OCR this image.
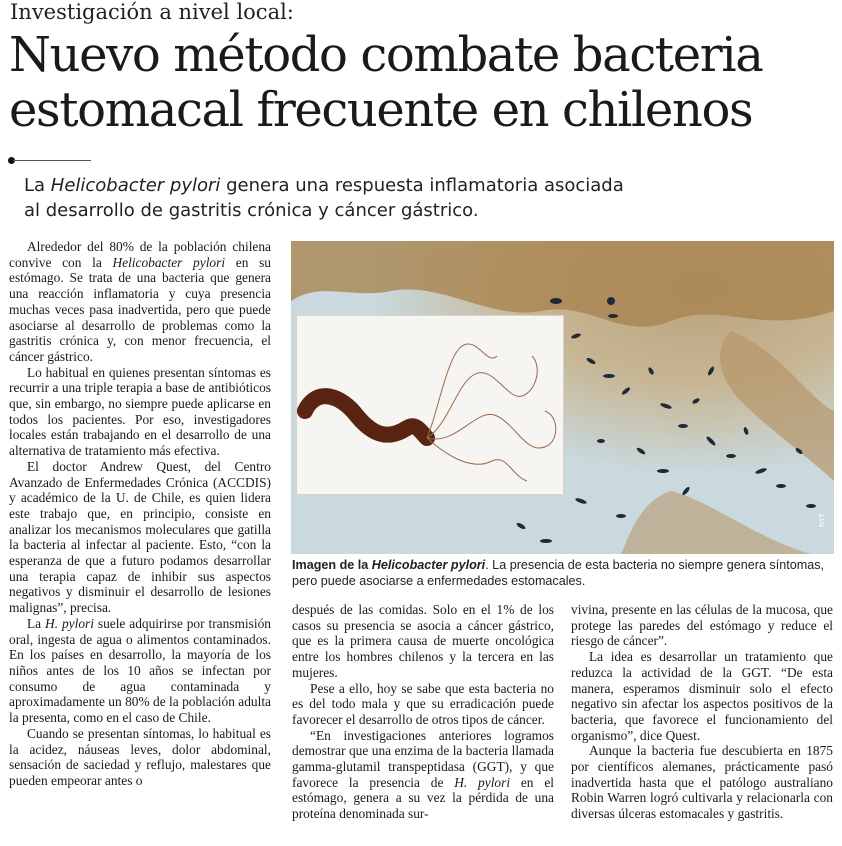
Investigación a nivel local:
Nuevo método combate bacteria
estomacal frecuente en chilenos
La Helicobacter pylori genera una respuesta inflamatoria asociada
al desarrollo de gastritis crónica y cáncer gástrico.

Alrededor del 80% de la población chilena convive con la Helicobacter pylori en su estómago. Se trata de una bacteria que genera una reacción inflamatoria y cuya presencia muchas veces pasa inadvertida, pero que puede asociarse al desarrollo de problemas como la gastritis crónica y, con menor frecuencia, el cáncer gástrico.

Lo habitual en quienes presentan síntomas es recurrir a una triple terapia a base de antibióticos que, sin embargo, no siempre puede aplicarse en todos los pacientes. Por eso, investigadores locales están trabajando en el desarrollo de una alternativa de tratamiento más efectiva.

El doctor Andrew Quest, del Centro Avanzado de Enfermedades Crónica (ACCDIS) y académico de la U. de Chile, es quien lidera este trabajo que, en principio, consiste en analizar los mecanismos moleculares que gatilla la bacteria al infectar al paciente. Esto, “con la esperanza de que a futuro podamos desarrollar una terapia capaz de inhibir sus aspectos negativos y disminuir el desarrollo de lesiones malignas”, precisa.

La H. pylori suele adquirirse por transmisión oral, ingesta de agua o alimentos contaminados. En los países en desarrollo, la mayoría de los niños antes de los 10 años se infectan por consumo de agua contaminada y aproximadamente un 80% de la población adulta la presenta, como en el caso de Chile.

Cuando se presentan síntomas, lo habitual es la acidez, náuseas leves, dolor abdominal, sensación de saciedad y reflujo, malestares que pueden empeorar antes o

NYT
Imagen de la Helicobacter pylori. La presencia de esta bacteria no siempre genera síntomas,
pero puede asociarse a enfermedades estomacales.

después de las comidas. Solo en el 1% de los casos su presencia se asocia a cáncer gástrico, que es la primera causa de muerte oncológica entre los hombres chilenos y la tercera en las mujeres.

Pese a ello, hoy se sabe que esta bacteria no es del todo mala y que su erradicación puede favorecer el desarrollo de otros tipos de cáncer.

“En investigaciones anteriores logramos demostrar que una enzima de la bacteria llamada gamma-glutamil transpeptidasa (GGT), y que favorece la presencia de H. pylori en el estómago, genera a su vez la pérdida de una proteína denominada sur-

vivina, presente en las células de la mucosa, que protege las paredes del estómago y reduce el riesgo de cáncer”.

La idea es desarrollar un tratamiento que reduzca la actividad de la GGT. “De esta manera, esperamos disminuir solo el efecto negativo sin afectar los aspectos positivos de la bacteria, que favorece el funcionamiento del organismo”, dice Quest.

Aunque la bacteria fue descubierta en 1875 por científicos alemanes, prácticamente pasó inadvertida hasta que el patólogo australiano Robin Warren logró cultivarla y relacionarla con diversas úlceras estomacales y gastritis.
